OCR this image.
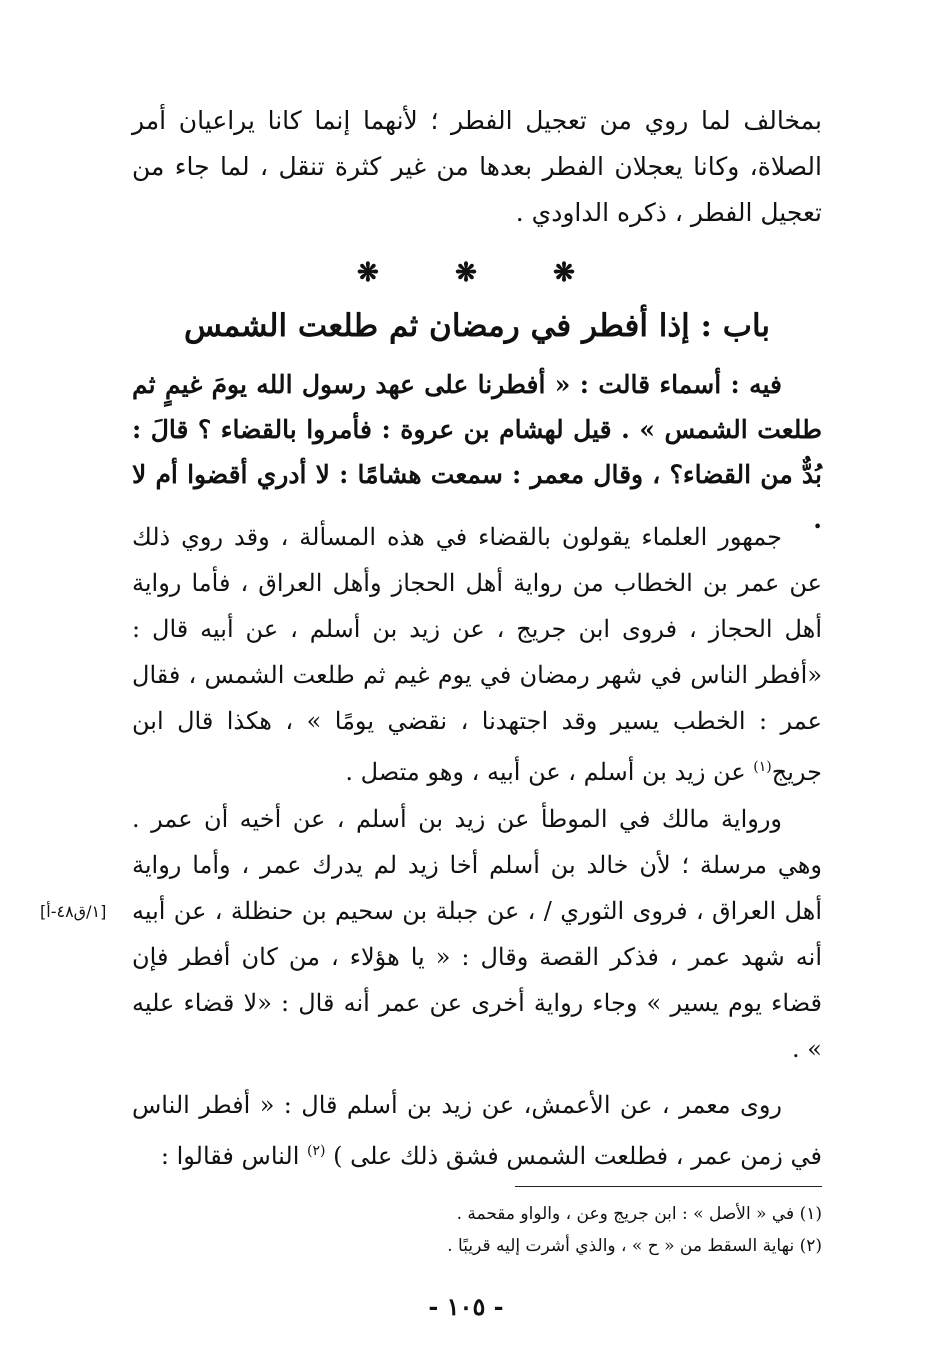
بمخالف لما روي من تعجيل الفطر ؛ لأنهما إنما كانا يراعيان أمر الصلاة، وكانا يعجلان الفطر بعدها من غير كثرة تنقل ، لما جاء من تعجيل الفطر ، ذكره الداودي .

❋	❋	❋
باب : إذا أفطر في رمضان ثم طلعت الشمس

فيه : أسماء قالت : « أفطرنا على عهد رسول الله يومَ غيمٍ ثم طلعت الشمس » . قيل لهشام بن عروة : فأمروا بالقضاء ؟ قالَ : بُدٌّ من القضاء؟ ، وقال معمر : سمعت هشامًا : لا أدري أقضوا أم لا .

جمهور العلماء يقولون بالقضاء في هذه المسألة ، وقد روي ذلك عن عمر بن الخطاب من رواية أهل الحجاز وأهل العراق ، فأما رواية أهل الحجاز ، فروى ابن جريج ، عن زيد بن أسلم ، عن أبيه قال : «أفطر الناس في شهر رمضان في يوم غيم ثم طلعت الشمس ، فقال عمر : الخطب يسير وقد اجتهدنا ، نقضي يومًا » ، هكذا قال ابن جريج$^{(١)}$ عن زيد بن أسلم ، عن أبيه ، وهو متصل .

ورواية مالك في الموطأ عن زيد بن أسلم ، عن أخيه أن عمر . وهي مرسلة ؛ لأن خالد بن أسلم أخا زيد لم يدرك عمر ، وأما رواية أهل العراق ، فروى الثوري / ، عن جبلة بن سحيم بن حنظلة ، عن أبيه أنه شهد عمر ، فذكر القصة وقال : « يا هؤلاء ، من كان أفطر فإن قضاء يوم يسير » وجاء رواية أخرى عن عمر أنه قال : «لا قضاء عليه » .

[١/ق٤٨-أ]

روى معمر ، عن الأعمش، عن زيد بن أسلم قال : « أفطر الناس في زمن عمر ، فطلعت الشمس فشق ذلك على ) $^{(٢)}$ الناس فقالوا :

(١) في « الأصل » : ابن جريج وعن ، والواو مقحمة .
(٢) نهاية السقط من « ح » ، والذي أشرت إليه قريبًا .
- ١٠٥ -
